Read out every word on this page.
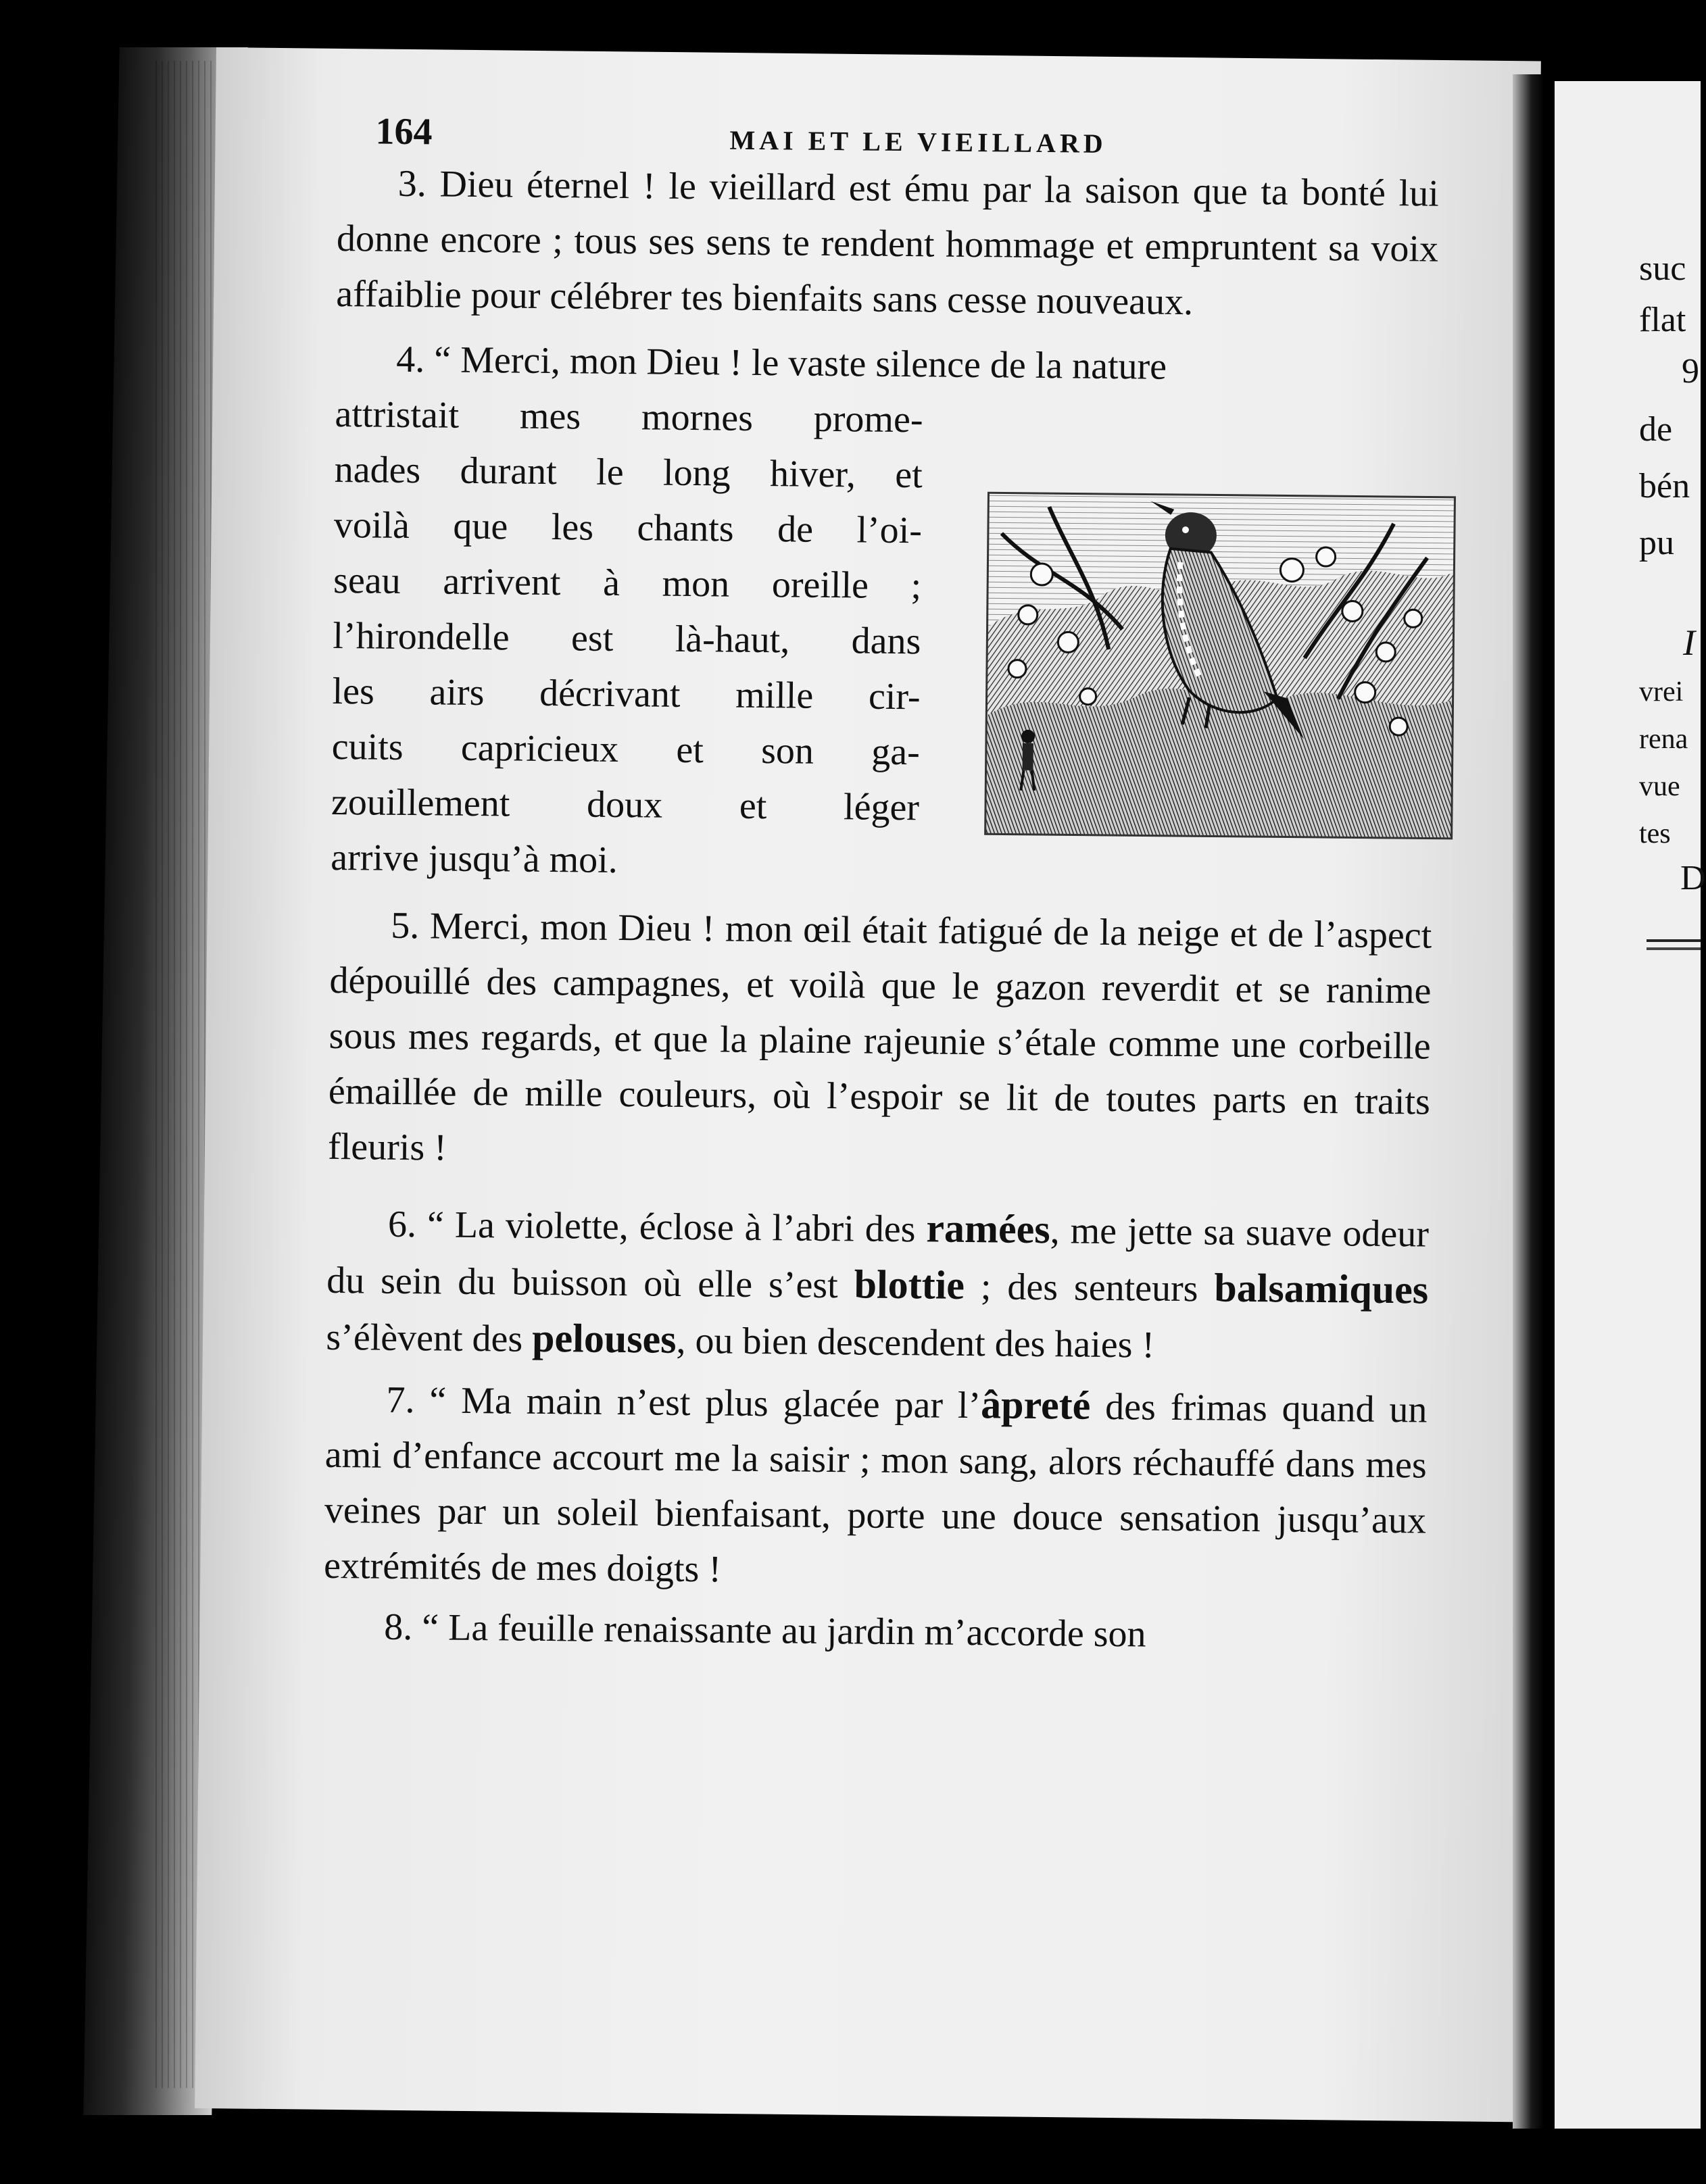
suc
flat
9
de
bén
pu
I
vrei
rena
vue
tes
D
164	MAI ET LE VIEILLARD

3. Dieu éternel ! le vieillard est ému par la saison que ta bonté lui donne encore ; tous ses sens te rendent hommage et empruntent sa voix affaiblie pour célébrer tes bienfaits sans cesse nouveaux.

4. “ Merci, mon Dieu ! le vaste silence de la nature

attristait mes mornes prome-

nades durant le long hiver, et

voilà que les chants de l’oi-

seau arrivent à mon oreille ;

l’hirondelle est là-haut, dans

les airs décrivant mille cir-

cuits capricieux et son ga-

zouillement doux et léger

arrive jusqu’à moi.

5. Merci, mon Dieu ! mon œil était fatigué de la neige et de l’aspect dépouillé des campagnes, et voilà que le gazon reverdit et se ranime sous mes regards, et que la plaine rajeunie s’étale comme une corbeille émaillée de mille couleurs, où l’espoir se lit de toutes parts en traits fleuris !

6. “ La violette, éclose à l’abri des ramées, me jette sa suave odeur du sein du buisson où elle s’est blottie ; des senteurs balsamiques s’élèvent des pelouses, ou bien descendent des haies !

7. “ Ma main n’est plus glacée par l’âpreté des frimas quand un ami d’enfance accourt me la saisir ; mon sang, alors réchauffé dans mes veines par un soleil bienfaisant, porte une douce sensation jusqu’aux extrémités de mes doigts !

8. “ La feuille renaissante au jardin m’accorde son
